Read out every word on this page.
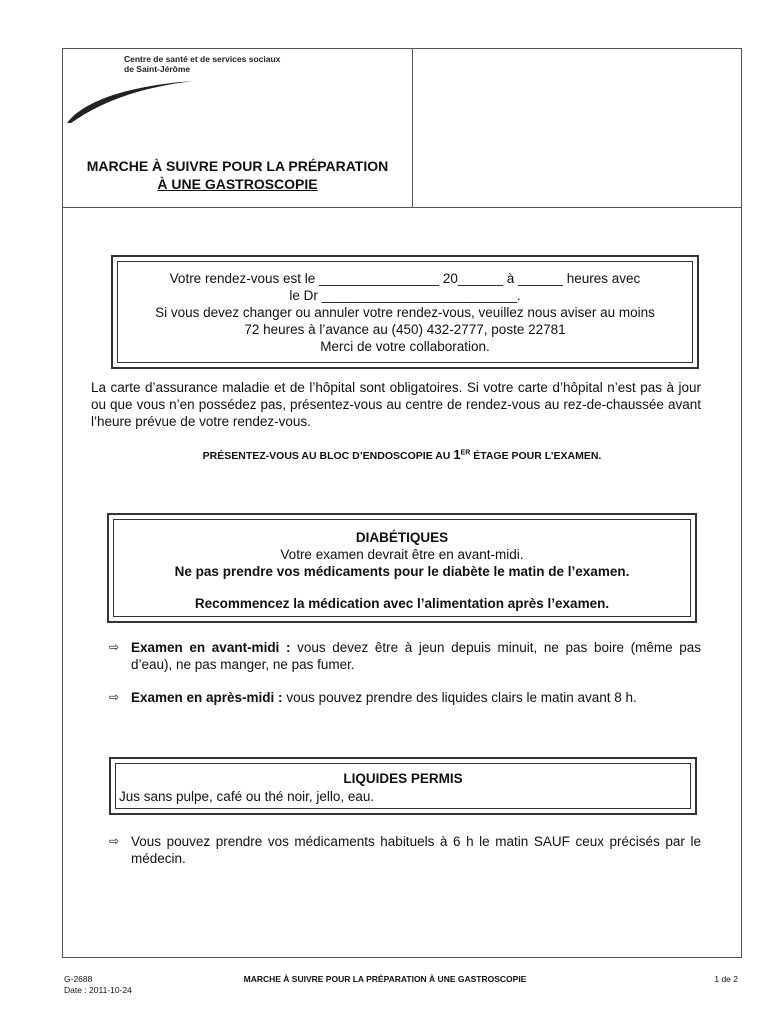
Centre de santé et de services sociaux
de Saint-Jérôme
MARCHE À SUIVRE POUR LA PRÉPARATION
À UNE GASTROSCOPIE
Votre rendez-vous est le ________________ 20______ à ______ heures avec
le Dr __________________________.
Si vous devez changer ou annuler votre rendez-vous, veuillez nous aviser au moins
72 heures à l’avance au (450) 432-2777, poste 22781
Merci de votre collaboration.
La carte d’assurance maladie et de l’hôpital sont obligatoires. Si votre carte d’hôpital n’est pas à jour ou que vous n’en possédez pas, présentez-vous au centre de rendez-vous au rez-de-chaussée avant l’heure prévue de votre rendez-vous.
PRÉSENTEZ-VOUS AU BLOC D’ENDOSCOPIE AU 1ER ÉTAGE POUR L’EXAMEN.
DIABÉTIQUES
Votre examen devrait être en avant-midi.
Ne pas prendre vos médicaments pour le diabète le matin de l’examen.
Recommencez la médication avec l’alimentation après l’examen.
⇨ Examen en avant-midi : vous devez être à jeun depuis minuit, ne pas boire (même pas d’eau), ne pas manger, ne pas fumer.
⇨ Examen en après-midi : vous pouvez prendre des liquides clairs le matin avant 8 h.
LIQUIDES PERMIS
Jus sans pulpe, café ou thé noir, jello, eau.
⇨ Vous pouvez prendre vos médicaments habituels à 6 h le matin SAUF ceux précisés par le médecin.
G-2688
Date : 2011-10-24
MARCHE À SUIVRE POUR LA PRÉPARATION À UNE GASTROSCOPIE	1 de 2
